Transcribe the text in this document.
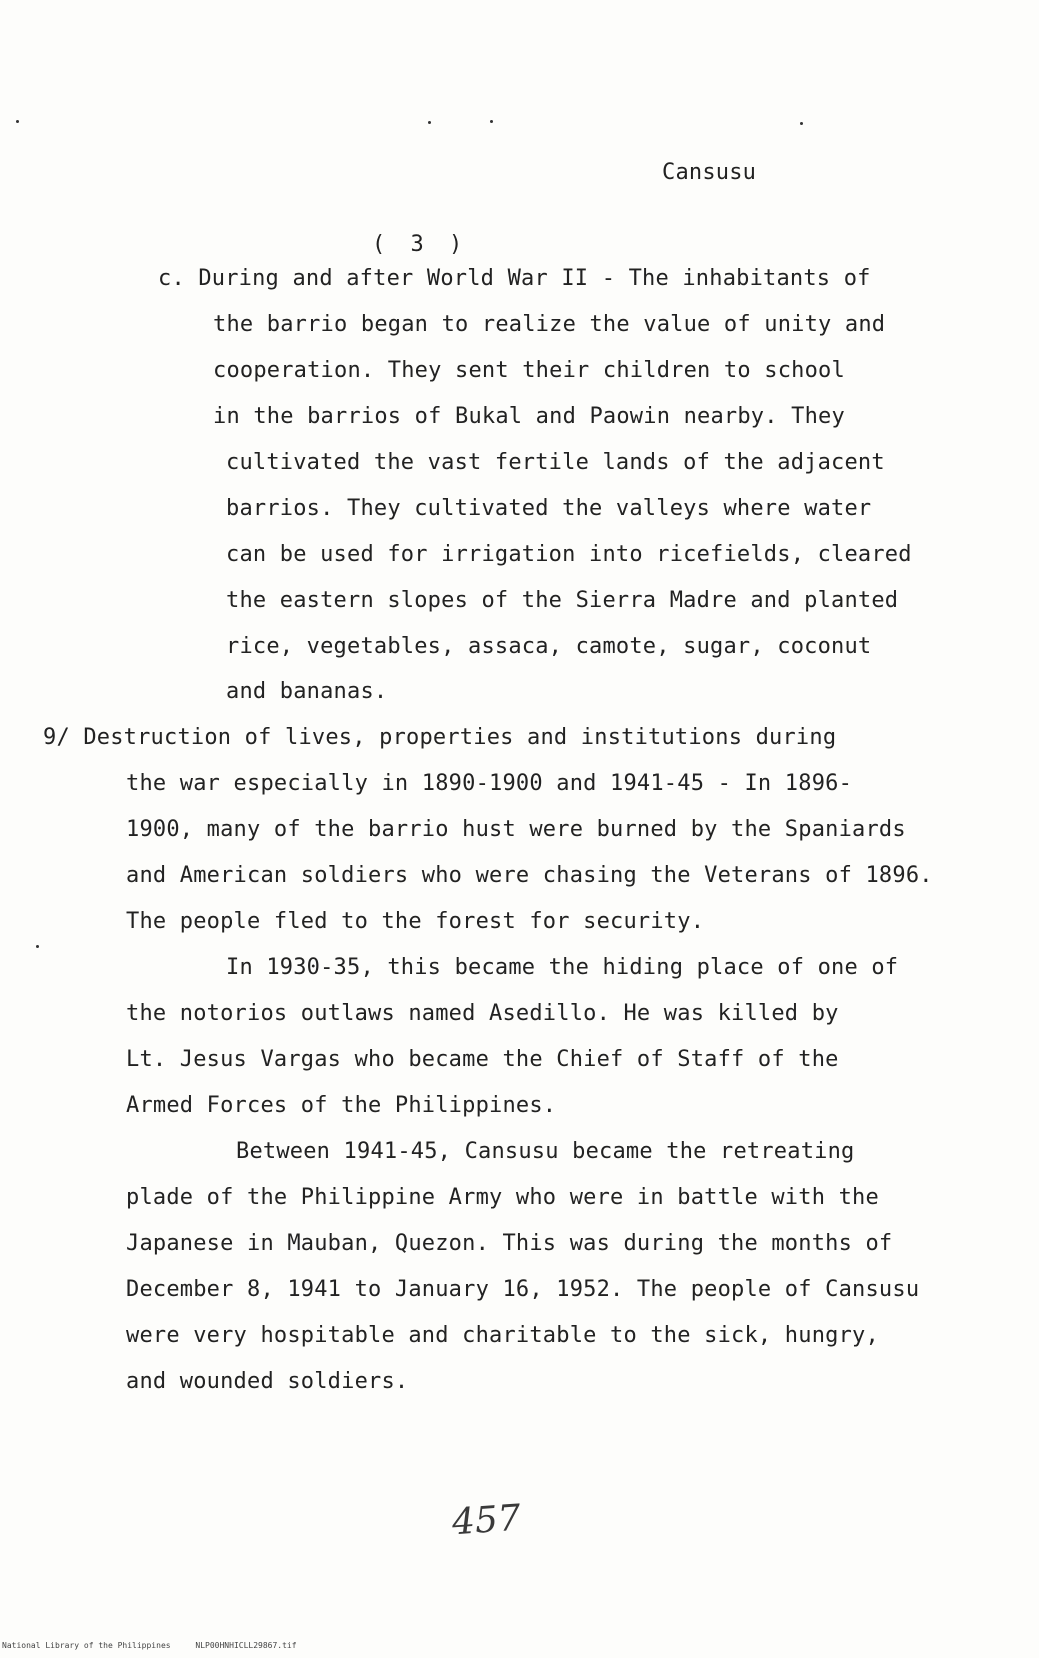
Cansusu
( 3 )
c. During and after World War II - The inhabitants of
the barrio began to realize the value of unity and
cooperation. They sent their children to school
in the barrios of Bukal and Paowin nearby. They
cultivated the vast fertile lands of the adjacent
barrios. They cultivated the valleys where water
can be used for irrigation into ricefields, cleared
the eastern slopes of the Sierra Madre and planted
rice, vegetables, assaca, camote, sugar, coconut
and bananas.
9/ Destruction of lives, properties and institutions during
the war especially in 1890-1900 and 1941-45 - In 1896-
1900, many of the barrio hust were burned by the Spaniards
and American soldiers who were chasing the Veterans of 1896.
The people fled to the forest for security.
In 1930-35, this became the hiding place of one of
the notorios outlaws named Asedillo. He was killed by
Lt. Jesus Vargas who became the Chief of Staff of the
Armed Forces of the Philippines.
Between 1941-45, Cansusu became the retreating
plade of the Philippine Army who were in battle with the
Japanese in Mauban, Quezon. This was during the months of
December 8, 1941 to January 16, 1952. The people of Cansusu
were very hospitable and charitable to the sick, hungry,
and wounded soldiers.
457
National Library of the Philippines	NLP00HNHICLL29867.tif
